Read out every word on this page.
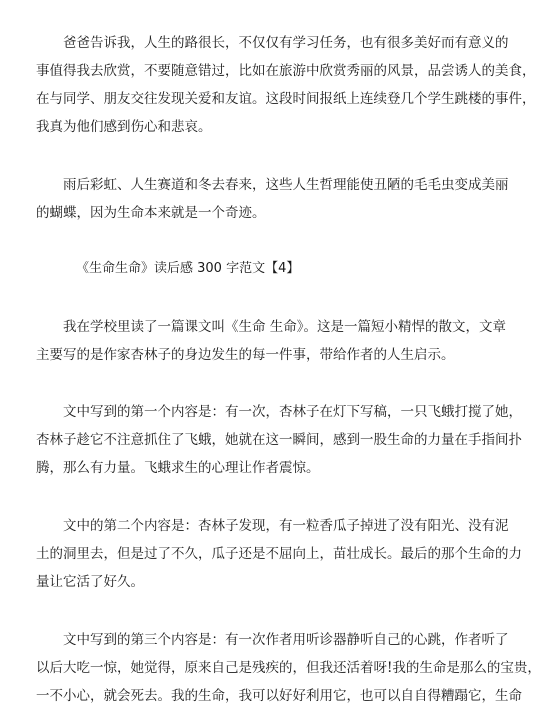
爸爸告诉我，人生的路很长，不仅仅有学习任务，也有很多美好而有意义的
事值得我去欣赏，不要随意错过，比如在旅游中欣赏秀丽的风景，品尝诱人的美食，
在与同学、朋友交往发现关爱和友谊。这段时间报纸上连续登几个学生跳楼的事件，
我真为他们感到伤心和悲哀。
雨后彩虹、人生赛道和冬去春来，这些人生哲理能使丑陋的毛毛虫变成美丽
的蝴蝶，因为生命本来就是一个奇迹。
《生命生命》读后感 300 字范文【4】
我在学校里读了一篇课文叫《生命 生命》。这是一篇短小精悍的散文，文章
主要写的是作家杏林子的身边发生的每一件事，带给作者的人生启示。
文中写到的第一个内容是：有一次，杏林子在灯下写稿，一只飞蛾打搅了她，
杏林子趁它不注意抓住了飞蛾，她就在这一瞬间，感到一股生命的力量在手指间扑
腾，那么有力量。飞蛾求生的心理让作者震惊。
文中的第二个内容是：杏林子发现，有一粒香瓜子掉进了没有阳光、没有泥
土的洞里去，但是过了不久，瓜子还是不屈向上，苗壮成长。最后的那个生命的力
量让它活了好久。
文中写到的第三个内容是：有一次作者用听诊器静听自己的心跳，作者听了
以后大吃一惊，她觉得，原来自己是残疾的，但我还活着呀!我的生命是那么的宝贵，
一不小心，就会死去。我的生命，我可以好好利用它，也可以自自得糟蹋它，生命
